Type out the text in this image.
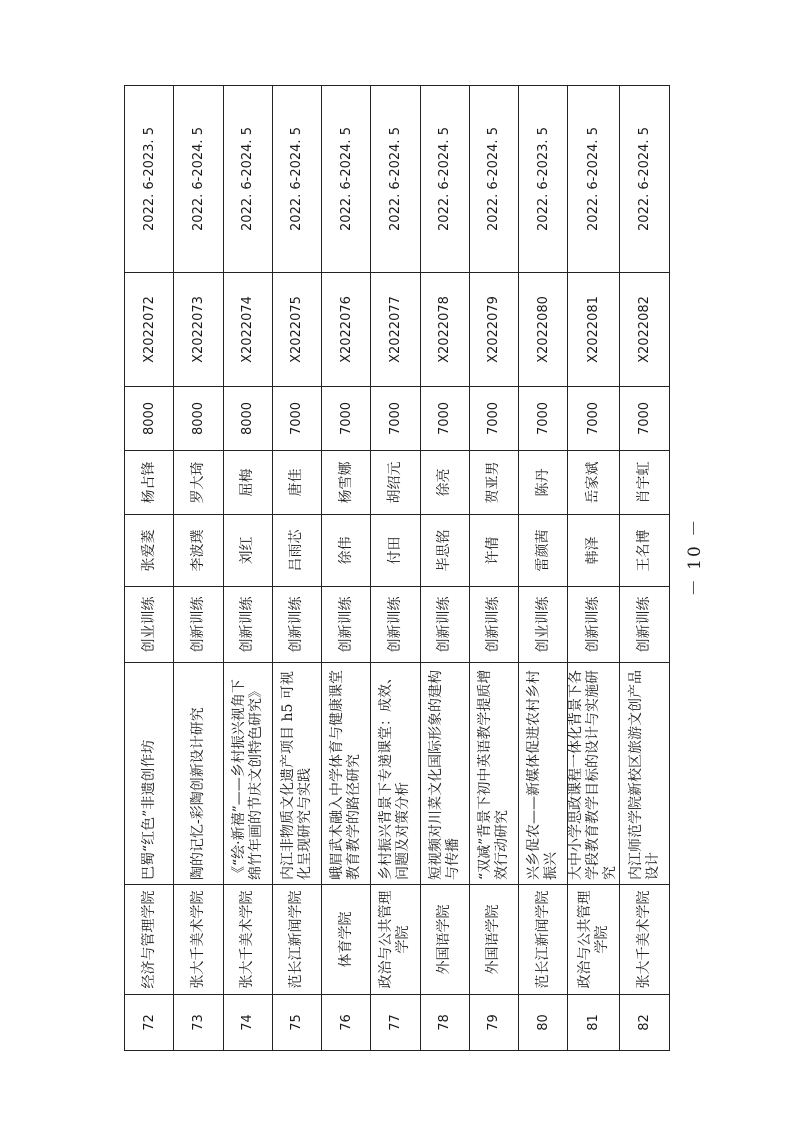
－ 10 －
72	经济与管理学院	巴蜀“红色”非遗创作坊	创业训练	张爱菱	杨占锋	8000	X2022072	2022. 6-2023. 5
73	张大千美术学院	陶的记忆-彩陶创新设计研究	创新训练	李波璞	罗大琦	8000	X2022073	2022. 6-2024. 5
74	张大千美术学院	《“绘·新禧”——乡村振兴视角下绵竹年画的节庆文创特色研究》	创新训练	刘红	屈梅	8000	X2022074	2022. 6-2024. 5
75	范长江新闻学院	内江非物质文化遗产项目 h5 可视化呈现研究与实践	创新训练	吕雨芯	唐佳	7000	X2022075	2022. 6-2024. 5
76	体育学院	峨眉武术融入中学体育与健康课堂教育教学的路径研究	创新训练	徐伟	杨雪娜	7000	X2022076	2022. 6-2024. 5
77	政治与公共管理学院	乡村振兴背景下专递课堂：成效、问题及对策分析	创新训练	付田	胡绍元	7000	X2022077	2022. 6-2024. 5
78	外国语学院	短视频对川菜文化国际形象的建构与传播	创新训练	毕思铭	徐亮	7000	X2022078	2022. 6-2024. 5
79	外国语学院	“双减”背景下初中英语教学提质增效行动研究	创新训练	许倩	贺亚男	7000	X2022079	2022. 6-2024. 5
80	范长江新闻学院	兴乡促农——新媒体促进农村乡村振兴	创业训练	雷颜茜	陈丹	7000	X2022080	2022. 6-2023. 5
81	政治与公共管理学院	大中小学思政课程一体化背景下各学段教育教学目标的设计与实施研究	创新训练	韩泽	岳家斌	7000	X2022081	2022. 6-2024. 5
82	张大千美术学院	内江师范学院新校区旅游文创产品设计	创新训练	王名博	肖宇虹	7000	X2022082	2022. 6-2024. 5
